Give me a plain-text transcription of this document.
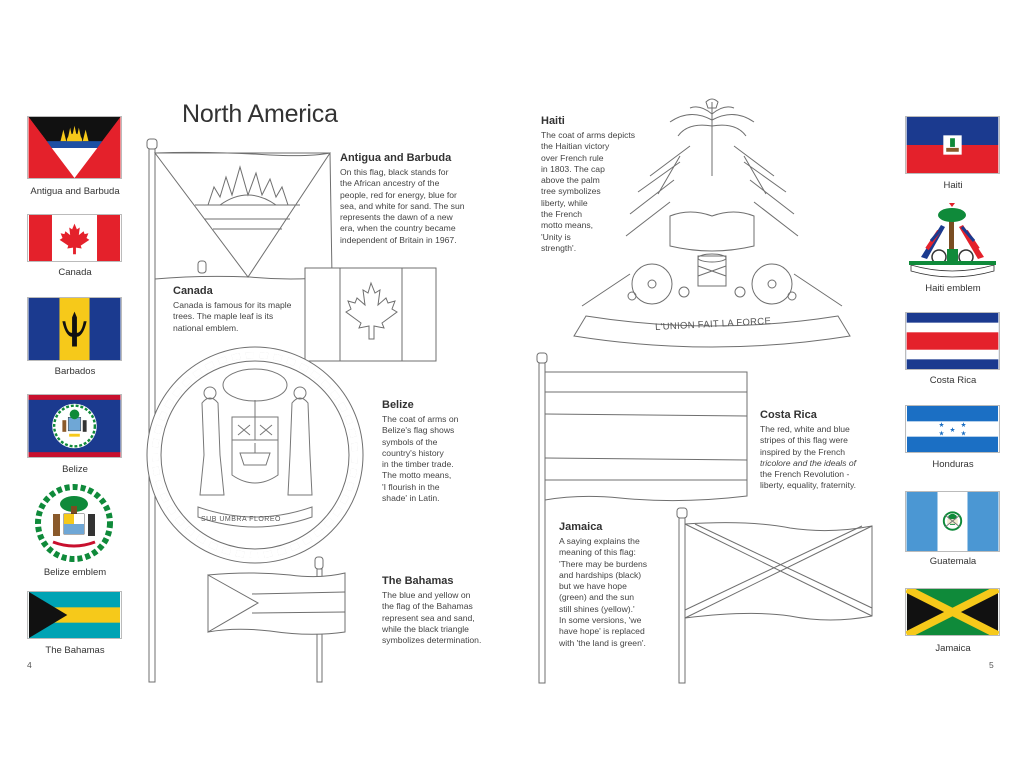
North America
Antigua and Barbuda
Canada
Barbados
Belize
Belize emblem
The Bahamas
4
SUB UMBRA FLOREO
Antigua and Barbuda
On this flag, black stands for
the African ancestry of the
people, red for energy, blue for
sea, and white for sand. The sun
represents the dawn of a new
era, when the country became
independent of Britain in 1967.
Canada
Canada is famous for its maple
trees. The maple leaf is its
national emblem.
Belize
The coat of arms on
Belize's flag shows
symbols of the
country's history
in the timber trade.
The motto means,
'I flourish in the
shade' in Latin.
The Bahamas
The blue and yellow on
the flag of the Bahamas
represent sea and sand,
while the black triangle
symbolizes determination.
L'UNION FAIT LA FORCE
Haiti
The coat of arms depicts
the Haitian victory
over French rule
in 1803. The cap
above the palm
tree symbolizes
liberty, while
the French
motto means,
'Unity is
strength'.
Costa Rica
The red, white and blue
stripes of this flag were
inspired by the French
tricolore and the ideals of
the French Revolution -
liberty, equality, fraternity.
Jamaica
A saying explains the
meaning of this flag:
'There may be burdens
and hardships (black)
but we have hope
(green) and the sun
still shines (yellow).'
In some versions, 'we
have hope' is replaced
with 'the land is green'.
Haiti
Haiti emblem
Costa Rica
★
★ ★
★
★
Honduras
Guatemala
Jamaica
5
